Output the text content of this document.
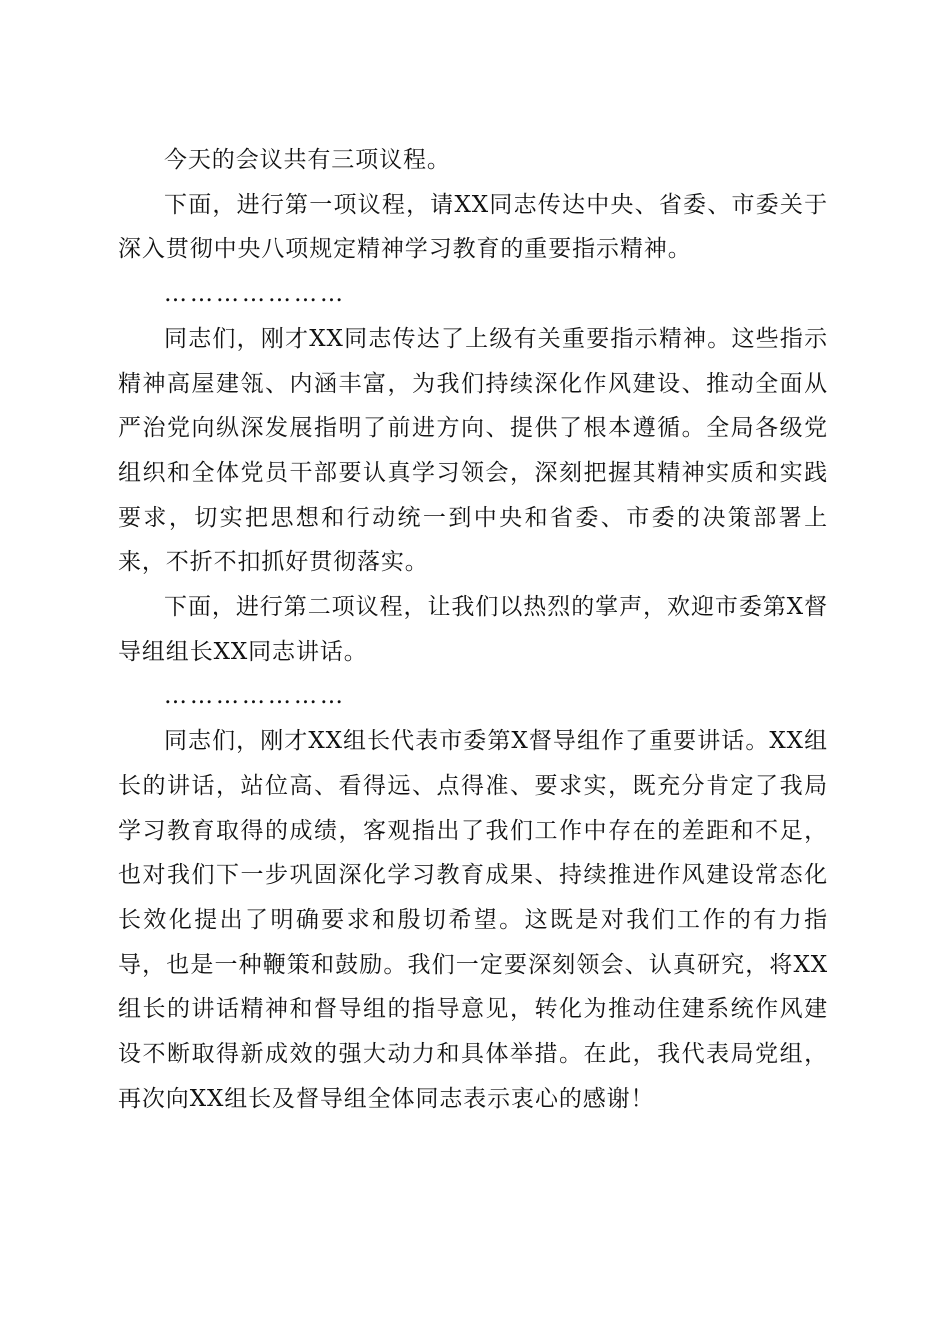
今天的会议共有三项议程。

下面，进行第一项议程，请XX同志传达中央、省委、市委关于深入贯彻中央八项规定精神学习教育的重要指示精神。

…………………

同志们，刚才XX同志传达了上级有关重要指示精神。这些指示精神高屋建瓴、内涵丰富，为我们持续深化作风建设、推动全面从严治党向纵深发展指明了前进方向、提供了根本遵循。全局各级党组织和全体党员干部要认真学习领会，深刻把握其精神实质和实践要求，切实把思想和行动统一到中央和省委、市委的决策部署上来，不折不扣抓好贯彻落实。

下面，进行第二项议程，让我们以热烈的掌声，欢迎市委第X督导组组长XX同志讲话。

…………………

同志们，刚才XX组长代表市委第X督导组作了重要讲话。XX组长的讲话，站位高、看得远、点得准、要求实，既充分肯定了我局学习教育取得的成绩，客观指出了我们工作中存在的差距和不足，也对我们下一步巩固深化学习教育成果、持续推进作风建设常态化长效化提出了明确要求和殷切希望。这既是对我们工作的有力指导，也是一种鞭策和鼓励。我们一定要深刻领会、认真研究，将XX组长的讲话精神和督导组的指导意见，转化为推动住建系统作风建设不断取得新成效的强大动力和具体举措。在此，我代表局党组，再次向XX组长及督导组全体同志表示衷心的感谢！
